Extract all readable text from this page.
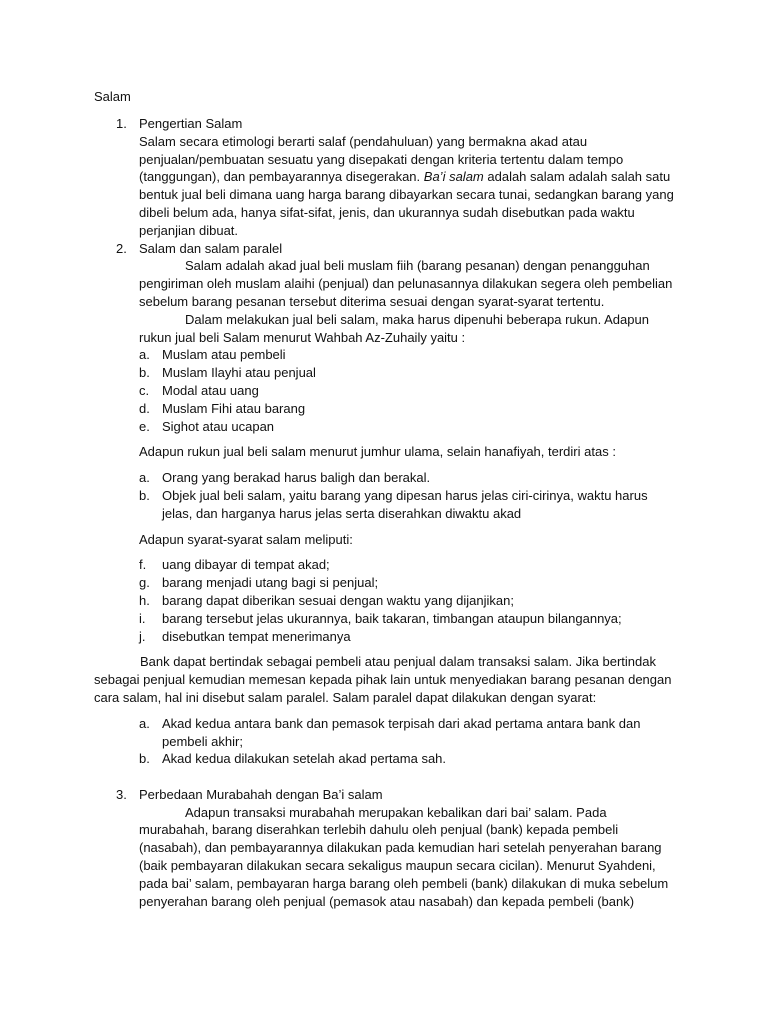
Salam
1. Pengertian Salam

Salam secara etimologi berarti salaf (pendahuluan) yang bermakna akad atau penjualan/pembuatan sesuatu yang disepakati dengan kriteria tertentu dalam tempo (tanggungan), dan pembayarannya disegerakan. Ba’i salam adalah salam adalah salah satu bentuk jual beli dimana uang harga barang dibayarkan secara tunai, sedangkan barang yang dibeli belum ada, hanya sifat-sifat, jenis, dan ukurannya sudah disebutkan pada waktu perjanjian dibuat.

2. Salam dan salam paralel

Salam adalah akad jual beli muslam fiih (barang pesanan) dengan penangguhan pengiriman oleh muslam alaihi (penjual) dan pelunasannya dilakukan segera oleh pembelian sebelum barang pesanan tersebut diterima sesuai dengan syarat-syarat tertentu.

Dalam melakukan jual beli salam, maka harus dipenuhi beberapa rukun. Adapun rukun jual beli Salam menurut Wahbah Az-Zuhaily yaitu :

a. Muslam atau pembeli
b. Muslam Ilayhi atau penjual
c. Modal atau uang
d. Muslam Fihi atau barang
e. Sighot atau ucapan

Adapun rukun jual beli salam menurut jumhur ulama, selain hanafiyah, terdiri atas :

a. Orang yang berakad harus baligh dan berakal.
b. Objek jual beli salam, yaitu barang yang dipesan harus jelas ciri-cirinya, waktu harus jelas, dan harganya harus jelas serta diserahkan diwaktu akad

Adapun syarat-syarat salam meliputi:

f. uang dibayar di tempat akad;
g. barang menjadi utang bagi si penjual;
h. barang dapat diberikan sesuai dengan waktu yang dijanjikan;
i. barang tersebut jelas ukurannya, baik takaran, timbangan ataupun bilangannya;
j. disebutkan tempat menerimanya

Bank dapat bertindak sebagai pembeli atau penjual dalam transaksi salam. Jika bertindak sebagai penjual kemudian memesan kepada pihak lain untuk menyediakan barang pesanan dengan cara salam, hal ini disebut salam paralel. Salam paralel dapat dilakukan dengan syarat:

a. Akad kedua antara bank dan pemasok terpisah dari akad pertama antara bank dan pembeli akhir;
b. Akad kedua dilakukan setelah akad pertama sah.
3. Perbedaan Murabahah dengan Ba’i salam

Adapun transaksi murabahah merupakan kebalikan dari bai’ salam. Pada murabahah, barang diserahkan terlebih dahulu oleh penjual (bank) kepada pembeli (nasabah), dan pembayarannya dilakukan pada kemudian hari setelah penyerahan barang (baik pembayaran dilakukan secara sekaligus maupun secara cicilan). Menurut Syahdeni, pada bai’ salam, pembayaran harga barang oleh pembeli (bank) dilakukan di muka sebelum penyerahan barang oleh penjual (pemasok atau nasabah) dan kepada pembeli (bank)
